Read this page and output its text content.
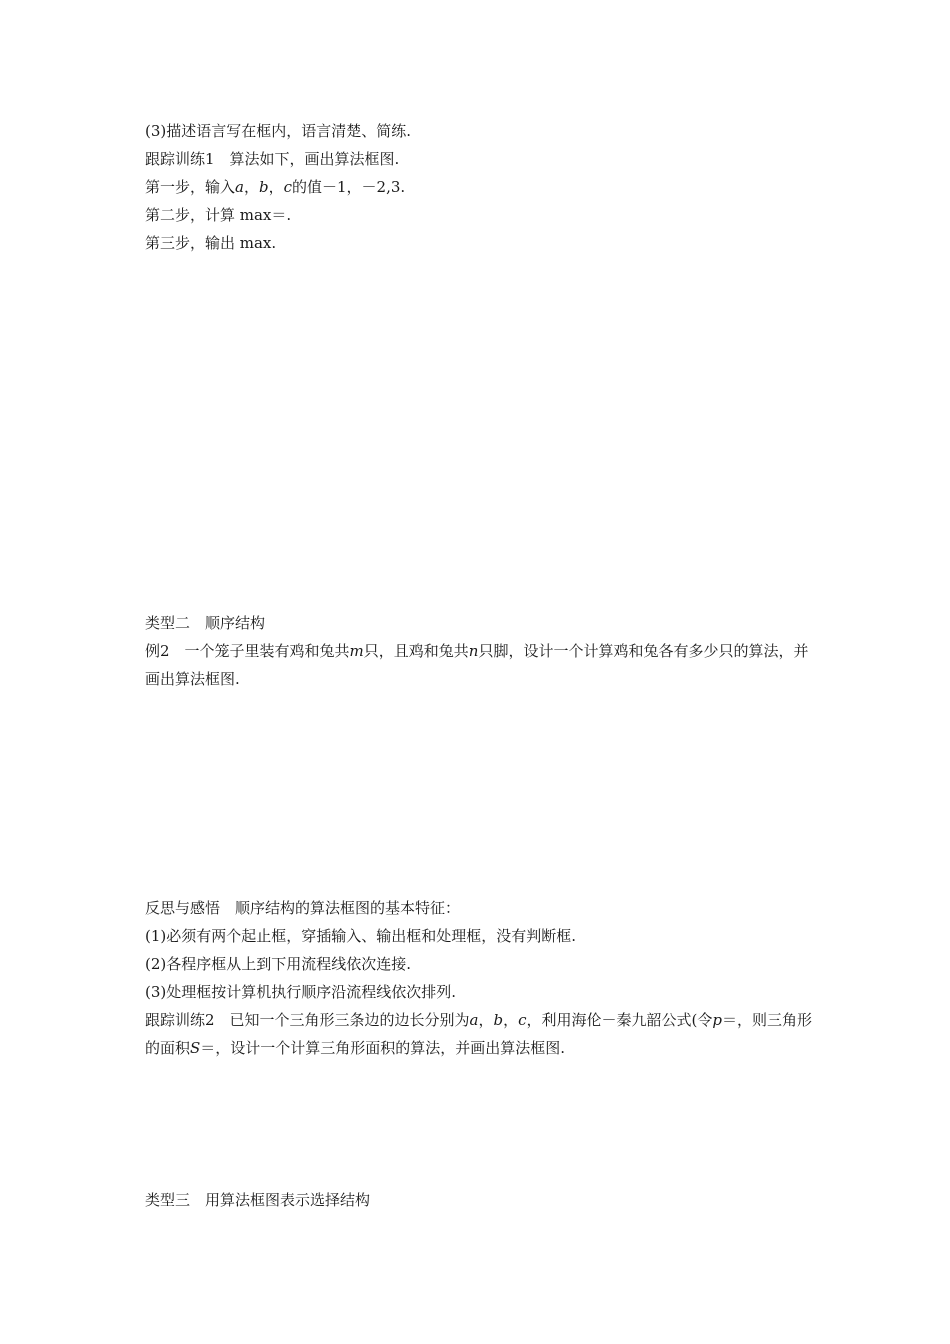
(3)描述语言写在框内，语言清楚、简练.
跟踪训练1　算法如下，画出算法框图.
第一步，输入a，b，c的值－1，－2,3.
第二步，计算 max＝.
第三步，输出 max.
类型二　顺序结构
例2　一个笼子里装有鸡和兔共m只，且鸡和兔共n只脚，设计一个计算鸡和兔各有多少只的算法，并画出算法框图.
反思与感悟　顺序结构的算法框图的基本特征：
(1)必须有两个起止框，穿插输入、输出框和处理框，没有判断框.
(2)各程序框从上到下用流程线依次连接.
(3)处理框按计算机执行顺序沿流程线依次排列.
跟踪训练2　已知一个三角形三条边的边长分别为a，b，c，利用海伦－秦九韶公式(令p＝，则三角形的面积S＝，设计一个计算三角形面积的算法，并画出算法框图.
类型三　用算法框图表示选择结构
